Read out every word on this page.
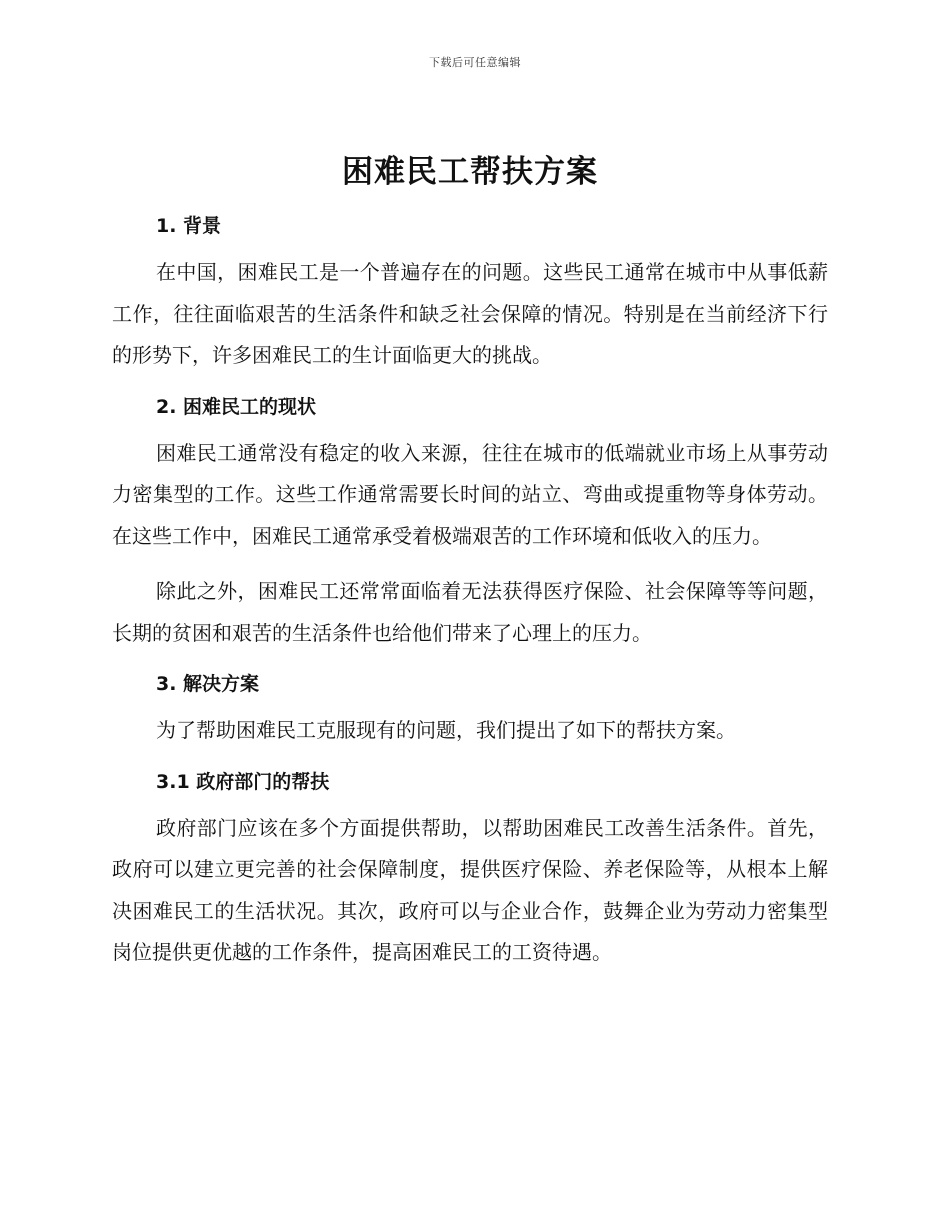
下载后可任意编辑
困难民工帮扶方案
1. 背景

在中国，困难民工是一个普遍存在的问题。这些民工通常在城市中从事低薪工作，往往面临艰苦的生活条件和缺乏社会保障的情况。特别是在当前经济下行的形势下，许多困难民工的生计面临更大的挑战。

2. 困难民工的现状

困难民工通常没有稳定的收入来源，往往在城市的低端就业市场上从事劳动力密集型的工作。这些工作通常需要长时间的站立、弯曲或提重物等身体劳动。在这些工作中，困难民工通常承受着极端艰苦的工作环境和低收入的压力。

除此之外，困难民工还常常面临着无法获得医疗保险、社会保障等等问题，长期的贫困和艰苦的生活条件也给他们带来了心理上的压力。

3. 解决方案

为了帮助困难民工克服现有的问题，我们提出了如下的帮扶方案。

3.1 政府部门的帮扶

政府部门应该在多个方面提供帮助，以帮助困难民工改善生活条件。首先，政府可以建立更完善的社会保障制度，提供医疗保险、养老保险等，从根本上解决困难民工的生活状况。其次，政府可以与企业合作，鼓舞企业为劳动力密集型岗位提供更优越的工作条件，提高困难民工的工资待遇。
